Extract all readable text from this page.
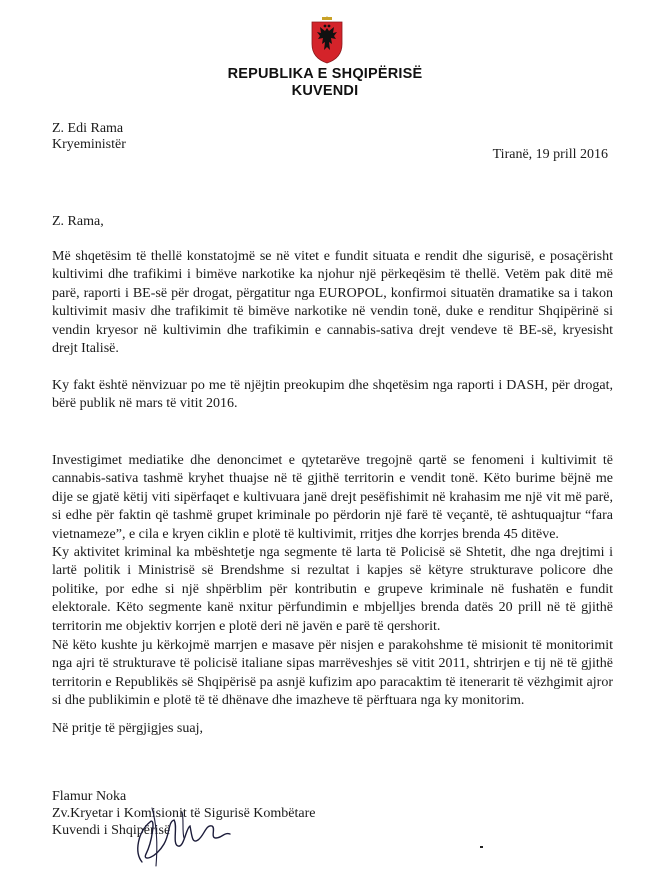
REPUBLIKA E SHQIPËRISË
KUVENDI
Z. Edi Rama
Kryeministër
Tiranë, 19 prill 2016
Z. Rama,
Më shqetësim të thellë konstatojmë se në vitet e fundit situata e rendit dhe sigurisë, e posaçërisht kultivimi dhe trafikimi i bimëve narkotike ka njohur një përkeqësim të thellë. Vetëm pak ditë më parë, raporti i BE-së për drogat, përgatitur nga EUROPOL, konfirmoi situatën dramatike sa i takon kultivimit masiv dhe trafikimit të bimëve narkotike në vendin tonë, duke e renditur Shqipërinë si vendin kryesor në kultivimin dhe trafikimin e cannabis-sativa drejt vendeve të BE-së, kryesisht drejt Italisë.
Ky fakt është nënvizuar po me të njëjtin preokupim dhe shqetësim nga raporti i DASH, për drogat, bërë publik në mars të vitit 2016.
Investigimet mediatike dhe denoncimet e qytetarëve tregojnë qartë se fenomeni i kultivimit të cannabis-sativa tashmë kryhet thuajse në të gjithë territorin e vendit tonë. Këto burime bëjnë me dije se gjatë këtij viti sipërfaqet e kultivuara janë drejt pesëfishimit në krahasim me një vit më parë, si edhe për faktin që tashmë grupet kriminale po përdorin një farë të veçantë, të ashtuquajtur “fara vietnameze”, e cila e kryen ciklin e plotë të kultivimit, rritjes dhe korrjes brenda 45 ditëve.
Ky aktivitet kriminal ka mbështetje nga segmente të larta të Policisë së Shtetit, dhe nga drejtimi i lartë politik i Ministrisë së Brendshme si rezultat i kapjes së këtyre strukturave policore dhe politike, por edhe si një shpërblim për kontributin e grupeve kriminale në fushatën e fundit elektorale. Këto segmente kanë nxitur përfundimin e mbjelljes brenda datës 20 prill në të gjithë territorin me objektiv korrjen e plotë deri në javën e parë të qershorit.
Në këto kushte ju kërkojmë marrjen e masave për nisjen e parakohshme të misionit të monitorimit nga ajri të strukturave të policisë italiane sipas marrëveshjes së vitit 2011, shtrirjen e tij në të gjithë territorin e Republikës së Shqipërisë pa asnjë kufizim apo paracaktim të itenerarit të vëzhgimit ajror si dhe publikimin e plotë të të dhënave dhe imazheve të përftuara nga ky monitorim.
Në pritje të përgjigjes suaj,
Flamur Noka
Zv.Kryetar i Komisionit të Sigurisë Kombëtare
Kuvendi i Shqipërisë
